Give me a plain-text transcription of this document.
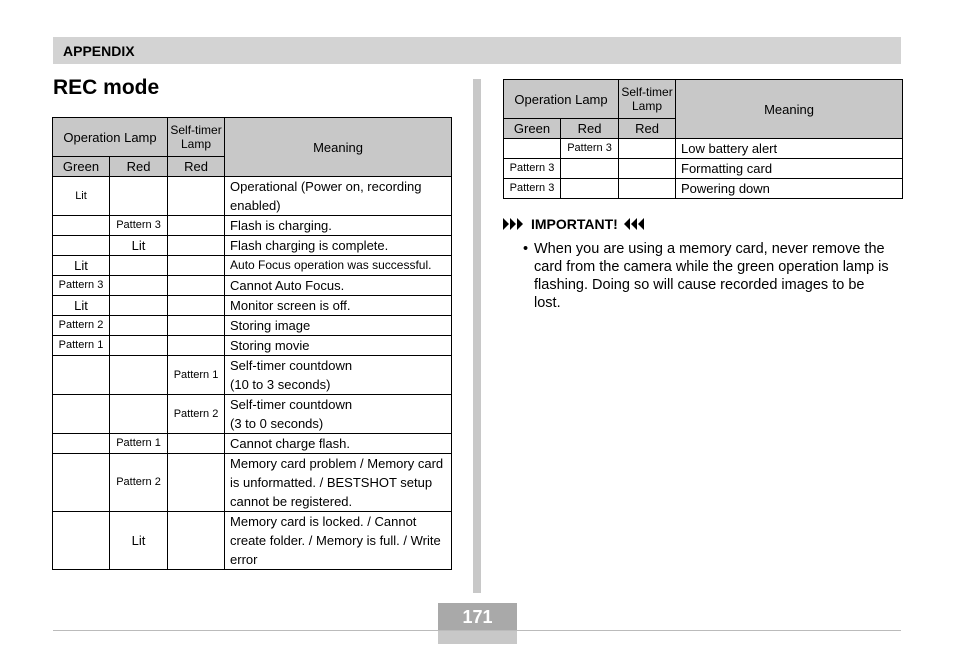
APPENDIX
REC mode
Operation Lamp		Self-timer Lamp	Meaning
Green	Red	Red	
Lit			Operational (Power on, recording enabled)
	Pattern 3		Flash is charging.
	Lit		Flash charging is complete.
Lit			Auto Focus operation was successful.
Pattern 3			Cannot Auto Focus.
Lit			Monitor screen is off.
Pattern 2			Storing image
Pattern 1			Storing movie
		Pattern 1	Self-timer countdown
(10 to 3 seconds)
		Pattern 2	Self-timer countdown
(3 to 0 seconds)
	Pattern 1		Cannot charge flash.
	Pattern 2		Memory card problem / Memory card is unformatted. / BESTSHOT setup cannot be registered.
	Lit		Memory card is locked. / Cannot create folder. / Memory is full. / Write error
Operation Lamp		Self-timer Lamp	Meaning
Green	Red	Red	
	Pattern 3		Low battery alert
Pattern 3			Formatting card
Pattern 3			Powering down
IMPORTANT!
• When you are using a memory card, never remove the card from the camera while the green operation lamp is flashing. Doing so will cause recorded images to be lost.
171
